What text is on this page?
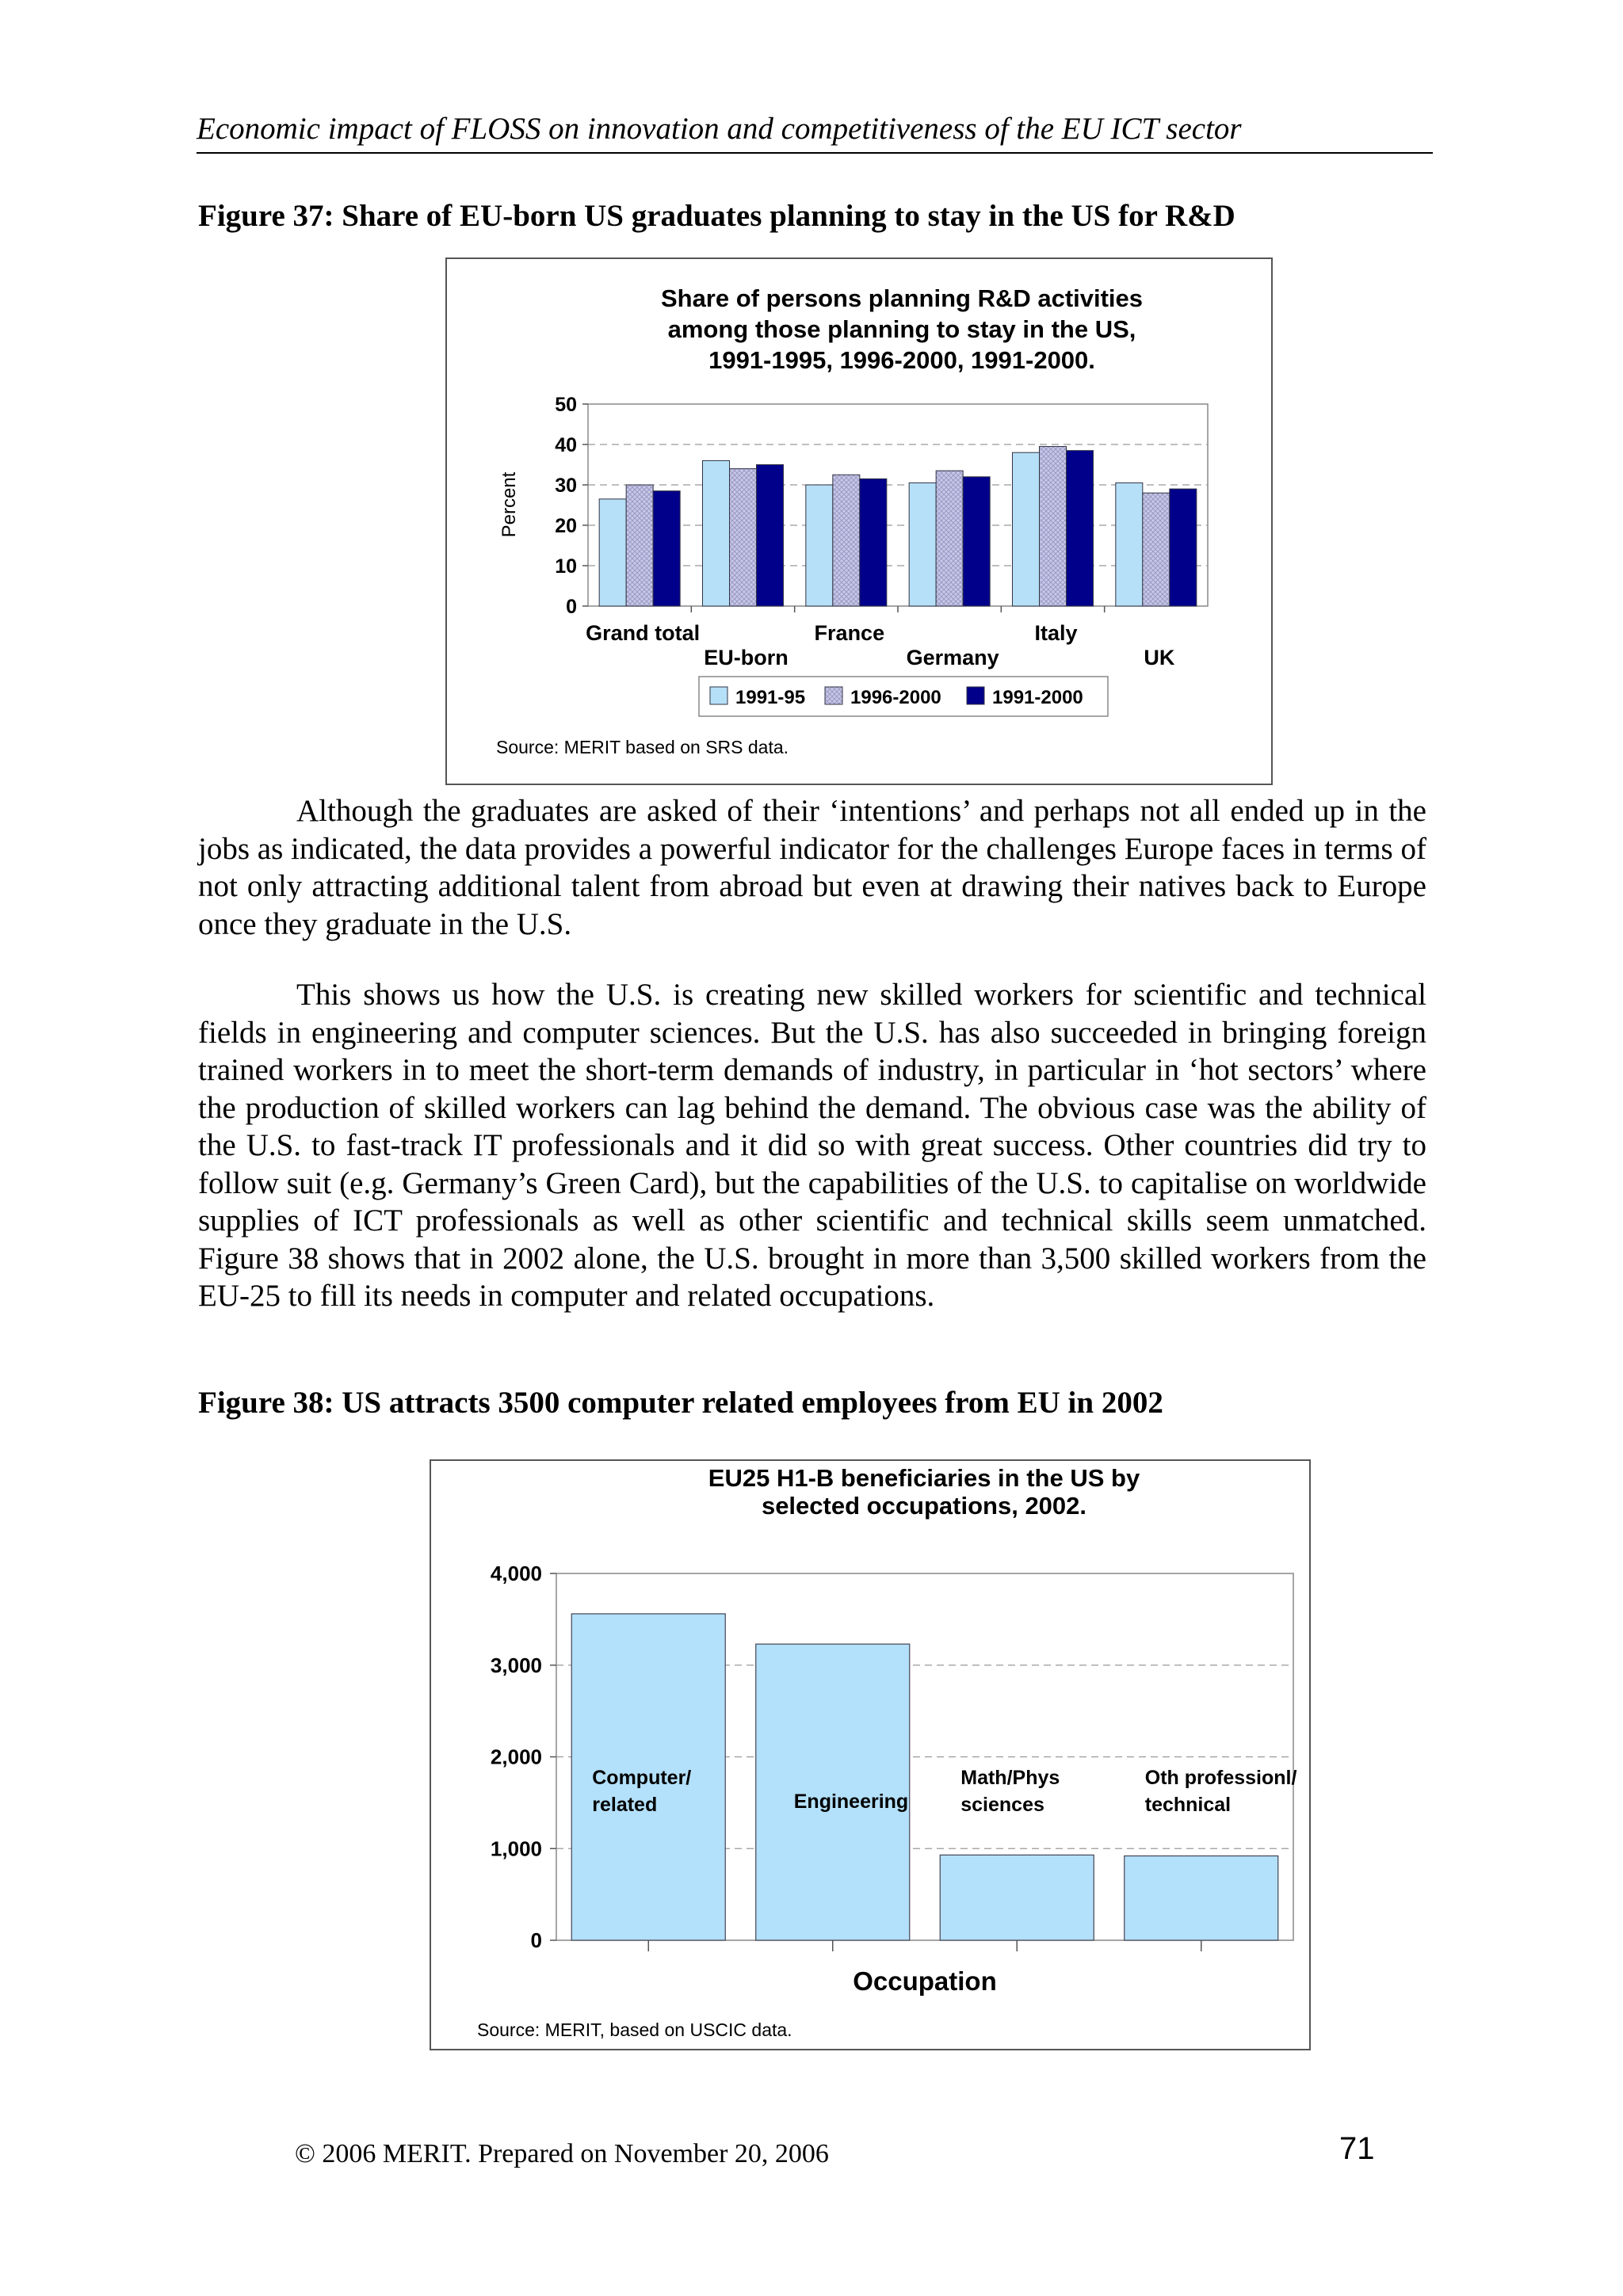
Economic impact of FLOSS on innovation and competitiveness of the EU ICT sector
Figure 37: Share of EU-born US graduates planning to stay in the US for R&D
Share of persons planning R&D activities
among those planning to stay in the US,
1991-1995, 1996-2000, 1991-2000.
50
40
30
20
10
0
Percent
Grand total
EU-born
France
Germany
Italy
UK
1991-95 1996-2000	1991-2000
Source: MERIT based on SRS data.

Although the graduates are asked of their ‘intentions’ and perhaps not all ended up in the jobs as indicated, the data provides a powerful indicator for the challenges Europe faces in terms of not only attracting additional talent from abroad but even at drawing their natives back to Europe once they graduate in the U.S.

This shows us how the U.S. is creating new skilled workers for scientific and technical fields in engineering and computer sciences. But the U.S. has also succeeded in bringing foreign trained workers in to meet the short-term demands of industry, in particular in ‘hot sectors’ where the production of skilled workers can lag behind the demand. The obvious case was the ability of the U.S. to fast-track IT professionals and it did so with great success. Other countries did try to follow suit (e.g. Germany’s Green Card), but the capabilities of the U.S. to capitalise on worldwide supplies of ICT professionals as well as other scientific and technical skills seem unmatched. Figure 38 shows that in 2002 alone, the U.S. brought in more than 3,500 skilled workers from the EU-25 to fill its needs in computer and related occupations.

Figure 38: US attracts 3500 computer related employees from EU in 2002
EU25 H1-B beneficiaries in the US by
selected occupations, 2002.
4,000
3,000
2,000
1,000
0
Computer/
related	Engineering
Math/Phys
sciences
Oth professionl/
technical
Occupation
Source: MERIT, based on USCIC data.
© 2006 MERIT. Prepared on November 20, 2006	71
